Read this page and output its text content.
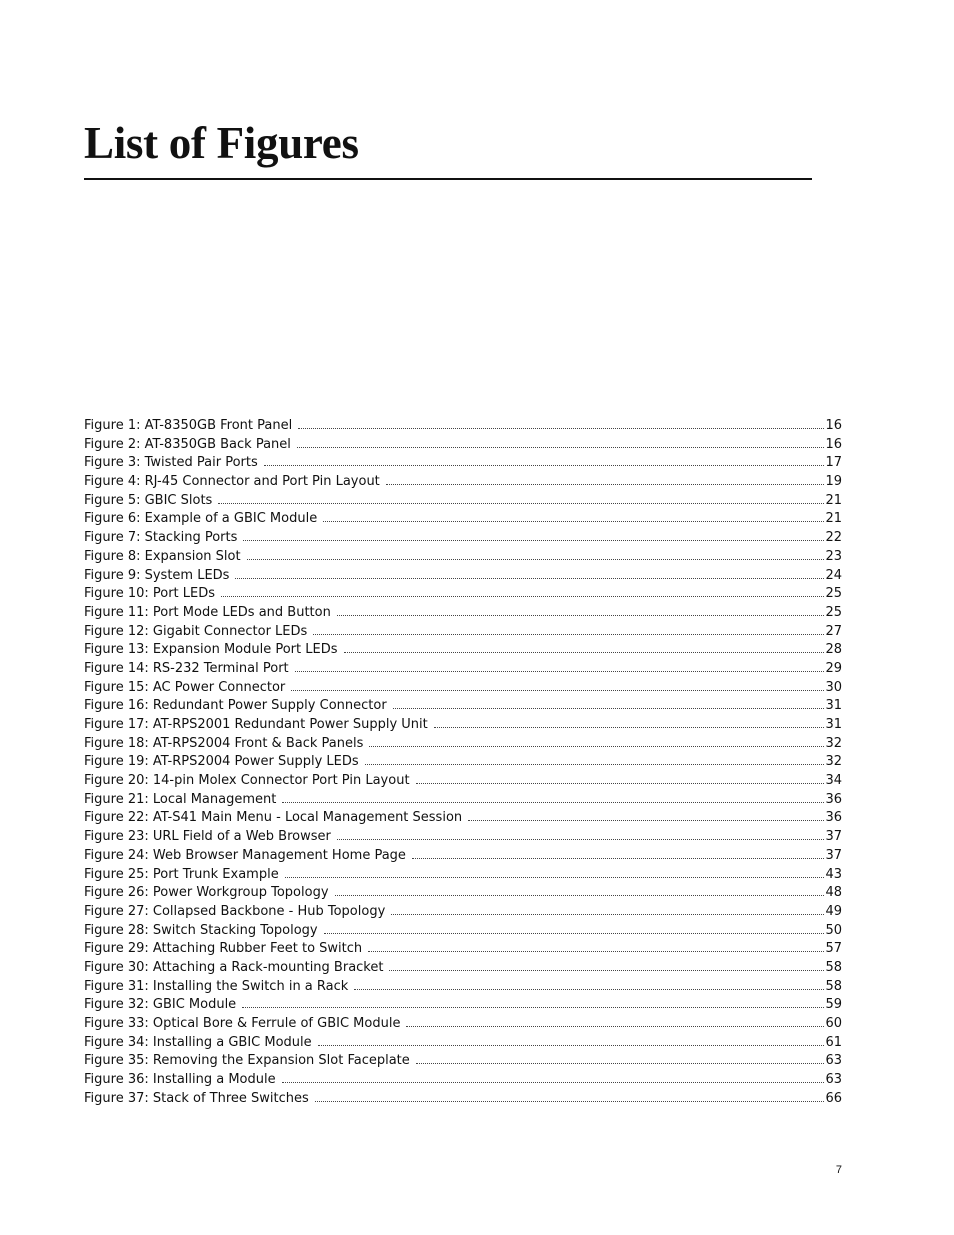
List of Figures
Figure 1: AT-8350GB Front Panel	16
Figure 2: AT-8350GB Back Panel	16
Figure 3: Twisted Pair Ports	17
Figure 4: RJ-45 Connector and Port Pin Layout	19
Figure 5: GBIC Slots	21
Figure 6: Example of a GBIC Module	21
Figure 7: Stacking Ports	22
Figure 8: Expansion Slot	23
Figure 9: System LEDs	24
Figure 10: Port LEDs	25
Figure 11: Port Mode LEDs and Button	25
Figure 12: Gigabit Connector LEDs	27
Figure 13: Expansion Module Port LEDs	28
Figure 14: RS-232 Terminal Port	29
Figure 15: AC Power Connector	30
Figure 16: Redundant Power Supply Connector	31
Figure 17: AT-RPS2001 Redundant Power Supply Unit	31
Figure 18: AT-RPS2004 Front & Back Panels	32
Figure 19: AT-RPS2004 Power Supply LEDs	32
Figure 20: 14-pin Molex Connector Port Pin Layout	34
Figure 21: Local Management	36
Figure 22: AT-S41 Main Menu - Local Management Session	36
Figure 23: URL Field of a Web Browser	37
Figure 24: Web Browser Management Home Page	37
Figure 25: Port Trunk Example	43
Figure 26: Power Workgroup Topology	48
Figure 27: Collapsed Backbone - Hub Topology	49
Figure 28: Switch Stacking Topology	50
Figure 29: Attaching Rubber Feet to Switch	57
Figure 30: Attaching a Rack-mounting Bracket	58
Figure 31: Installing the Switch in a Rack	58
Figure 32: GBIC Module	59
Figure 33: Optical Bore & Ferrule of GBIC Module	60
Figure 34: Installing a GBIC Module	61
Figure 35: Removing the Expansion Slot Faceplate	63
Figure 36: Installing a Module	63
Figure 37: Stack of Three Switches	66
7
